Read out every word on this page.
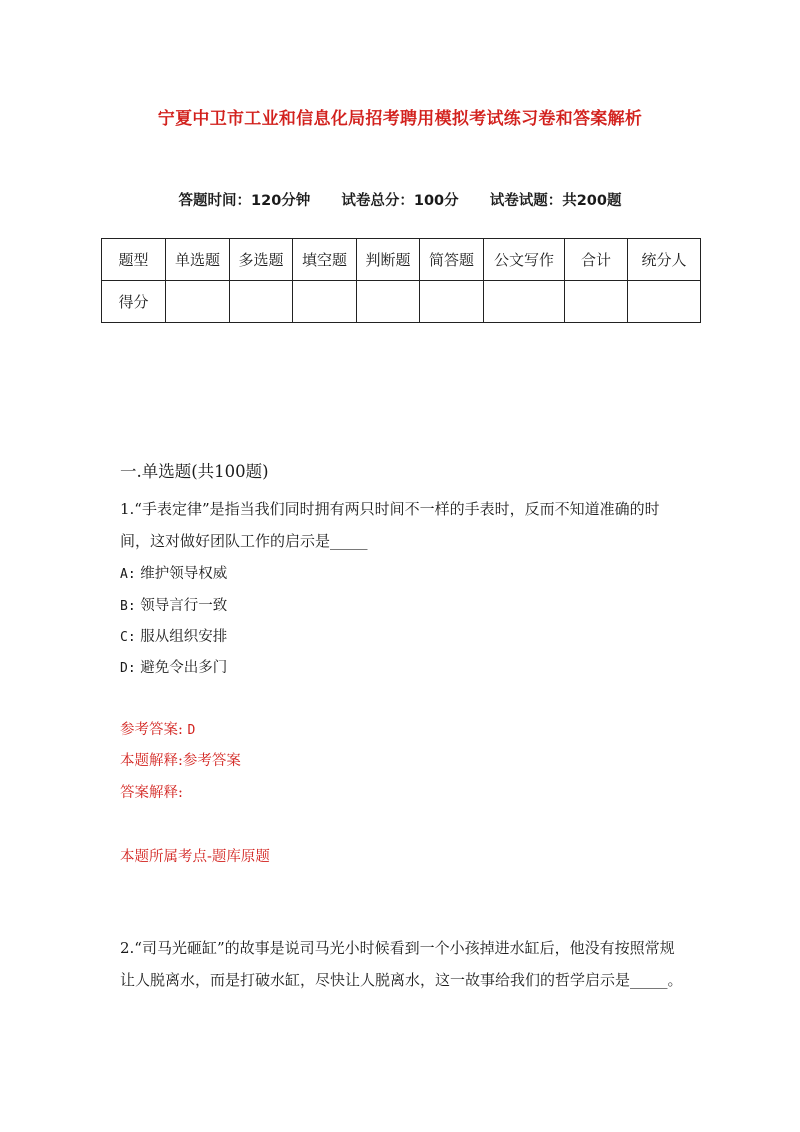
宁夏中卫市工业和信息化局招考聘用模拟考试练习卷和答案解析
答题时间：120分钟 试卷总分：100分 试卷试题：共200题
题型	单选题	多选题	填空题	判断题	简答题	公文写作	合计	统分人
得分								
一.单选题(共100题)
1.“手表定律”是指当我们同时拥有两只时间不一样的手表时，反而不知道准确的时间，这对做好团队工作的启示是_____
A: 维护领导权威
B: 领导言行一致
C: 服从组织安排
D: 避免令出多门
参考答案: D
本题解释:参考答案
答案解释:
本题所属考点-题库原题
2.“司马光砸缸”的故事是说司马光小时候看到一个小孩掉进水缸后，他没有按照常规让人脱离水，而是打破水缸，尽快让人脱离水，这一故事给我们的哲学启示是_____。
